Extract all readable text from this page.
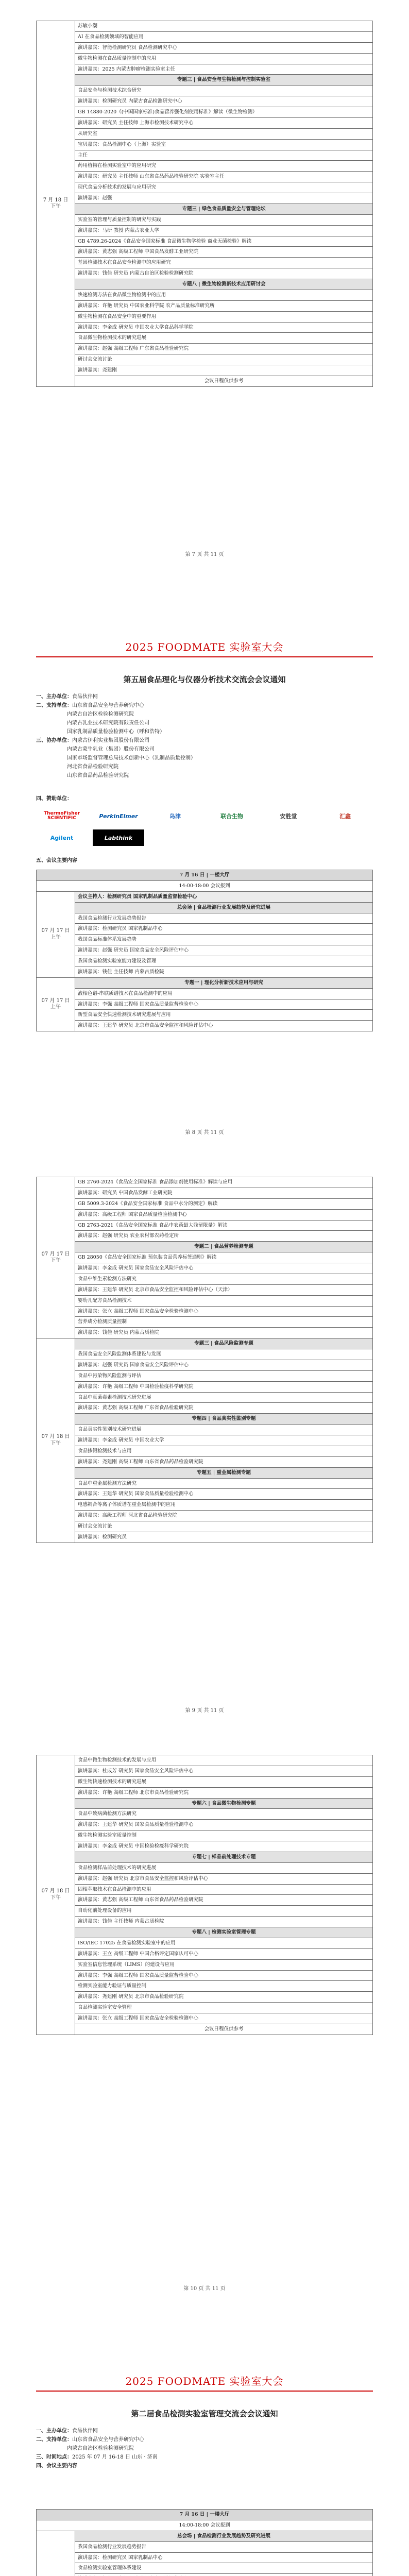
7 月 18 日
下午	苏敏小潮
AI 在食品检测领域的智能应用
演讲嘉宾：智能检测研究员 食品检测研究中心
微生物检测在食品质量控制中的应用
演讲嘉宾：2025 内蒙古肿瘤检测实验室主任
专题三 | 食品安全与生物检测与控制实验室
食品安全与检测技术综合研究
演讲嘉宾：检测研究员 内蒙古食品检测研究中心
GB 14880-2020《(中国国家标准)食品营养强化剂使用标准》解读（微生物检测）
演讲嘉宾：研究员 主任技师 上海市检测技术研究中心
从研究室
宝贝嘉宾：食品检测中心（上海）实验室
主任
药用植物在检测实验室中的应用研究
演讲嘉宾：研究员 主任技师 山东省食品药品检验研究院 实验室主任
现代食品分析技术的发展与应用研究
演讲嘉宾：赵强
专题三 | 绿色食品质量安全与管理论坛
实验室的管理与质量控制的研究与实践
演讲嘉宾：马研 教授 内蒙古农业大学
GB 4789.26-2024《食品安全国家标准 食品微生物学检验 商业无菌检验》解读
演讲嘉宾：黄志强 高级工程师 中国食品发酵工业研究院
基因检测技术在食品安全检测中的应用研究
演讲嘉宾：钱佳 研究员 内蒙古自治区检验检测研究院
专题八 | 微生物检测新技术应用研讨会
快速检测方法在食品微生物检测中的应用
演讲嘉宾：许艳 研究员 中国农业科学院 农产品质量标准研究所
微生物检测在食品安全中的重要作用
演讲嘉宾：李金成 研究员 中国农业大学食品科学学院
食品微生物检测技术的研究进展
演讲嘉宾：赵强 高级工程师 广东省食品检验研究院
研讨会交流讨论
演讲嘉宾：尧建刚
会议日程仅供参考
第 7 页 共 11 页
2025 FOODMATE 实验室大会
第五届食品理化与仪器分析技术交流会会议通知
一、主办单位：食品伙伴网
二、支持单位：山东省食品安全与营养研究中心
内蒙古自治区检验检测研究院
内蒙古乳业技术研究院有限责任公司
国家乳制品质量检验检测中心（呼和浩特）
三、协办单位：内蒙古伊利实业集团股份有限公司
内蒙古蒙牛乳业（集团）股份有限公司
国家市场监督管理总局技术创新中心（乳制品质量控制）
河北省食品检验研究院
山东省食品药品检验研究院
四、赞助单位：
ThermoFisher SCIENTIFIC	PerkinElmer	岛津	联合生物	安胜堂	汇鑫
Agilent	Labthink
五、会议主要内容
7 月 16 日 | 一楼大厅	
14:00-18:00 会议报到	
07 月 17 日
上午	会议主持人：检测研究员 国家乳制品质量监督检验中心
	总会场 | 食品检测行业发展趋势及研究进展
	我国食品检测行业发展趋势报告
	演讲嘉宾：检测研究员 国家乳制品中心
	我国食品标准体系发展趋势
	演讲嘉宾：赵强 研究员 国家食品安全风险评估中心
	我国食品检测实验室能力建设及管理
	演讲嘉宾：钱佳 主任技师 内蒙古质检院
07 月 17 日
上午	专题一 | 理化分析新技术应用与研究
	液相色谱-串联质谱技术在食品检测中的应用
	演讲嘉宾：李强 高级工程师 国家食品质量监督检验中心
	新型食品安全快速检测技术研究进展与应用
	演讲嘉宾：王建华 研究员 北京市食品安全监控和风险评估中心
第 8 页 共 11 页
07 月 17 日
下午	GB 2760-2024《食品安全国家标准 食品添加剂使用标准》解读与应用
	演讲嘉宾：研究员 中国食品发酵工业研究院
	GB 5009.3-2024《食品安全国家标准 食品中水分的测定》解读
	演讲嘉宾：高级工程师 国家食品质量检验检测中心
	GB 2763-2021《食品安全国家标准 食品中农药最大残留限量》解读
	演讲嘉宾：赵强 研究员 农业农村部农药检定所
	专题二 | 食品营养检测专题
	GB 28050《食品安全国家标准 预包装食品营养标签通则》解读
	演讲嘉宾：李金成 研究员 国家食品安全风险评估中心
	食品中维生素检测方法研究
	演讲嘉宾：王建华 研究员 北京市食品安全监控和风险评估中心（天津）
	婴幼儿配方食品检测技术
	演讲嘉宾：张立 高级工程师 国家食品安全检验检测中心
	营养成分检测质量控制
	演讲嘉宾：钱佳 研究员 内蒙古质检院
07 月 18 日
下午	专题三 | 食品风险监测专题
	我国食品安全风险监测体系建设与发展
	演讲嘉宾：赵强 研究员 国家食品安全风险评估中心
	食品中污染物风险监测与评估
	演讲嘉宾：许艳 高级工程师 中国检验检疫科学研究院
	食品中真菌毒素检测技术研究进展
	演讲嘉宾：黄志强 高级工程师 广东省食品检验研究院
	专题四 | 食品真实性鉴别专题
	食品真实性鉴别技术研究进展
	演讲嘉宾：李金成 研究员 中国农业大学
	食品掺假检测技术与应用
	演讲嘉宾：尧建刚 高级工程师 山东省食品药品检验研究院
	专题五 | 重金属检测专题
	食品中重金属检测方法研究
	演讲嘉宾：王建华 研究员 国家食品质量检验检测中心
	电感耦合等离子体质谱在重金属检测中的应用
	演讲嘉宾：高级工程师 河北省食品检验研究院
	研讨会交流讨论
	演讲嘉宾：检测研究员
第 9 页 共 11 页
07 月 18 日
下午	食品中微生物检测技术的发展与应用
演讲嘉宾：杜成芳 研究员 国家食品安全风险评估中心
微生物快速检测技术的研究进展
演讲嘉宾：许艳 高级工程师 北京市食品检验研究院
专题六 | 食品微生物检测专题
食品中致病菌检测方法研究
演讲嘉宾：王建华 研究员 国家食品质量检验检测中心
微生物检测实验室质量控制
演讲嘉宾：李金成 研究员 中国检验检疫科学研究院
专题七 | 样品前处理技术专题
食品检测样品前处理技术的研究进展
演讲嘉宾：赵强 研究员 北京市食品安全监控和风险评估中心
固相萃取技术在食品检测中的应用
演讲嘉宾：黄志强 高级工程师 山东省食品药品检验研究院
自动化前处理设备的应用
演讲嘉宾：钱佳 主任技师 内蒙古质检院
专题八 | 检测实验室管理专题
ISO/IEC 17025 在食品检测实验室中的应用
演讲嘉宾：王立 高级工程师 中国合格评定国家认可中心
实验室信息管理系统（LIMS）的建设与应用
演讲嘉宾：李强 高级工程师 国家食品质量监督检验中心
检测实验室能力验证与质量控制
演讲嘉宾：尧建刚 研究员 北京市食品检验研究院
食品检测实验室安全管理
演讲嘉宾：张立 高级工程师 国家食品安全检验检测中心
会议日程仅供参考
第 10 页 共 11 页
2025 FOODMATE 实验室大会
第二届食品检测实验室管理交流会会议通知
一、主办单位：食品伙伴网
二、支持单位：山东省食品安全与营养研究中心
内蒙古自治区检验检测研究院
三、时间地点：2025 年 07 月 16-18 日 山东 · 济南
四、会议主要内容
7 月 16 日 | 一楼大厅	
14:00-18:00 会议报到	

	总会场 | 食品检测行业发展趋势及研究进展
	我国食品检测行业发展趋势报告
	演讲嘉宾：检测研究员 国家乳制品中心
	食品检测实验室管理体系建设
